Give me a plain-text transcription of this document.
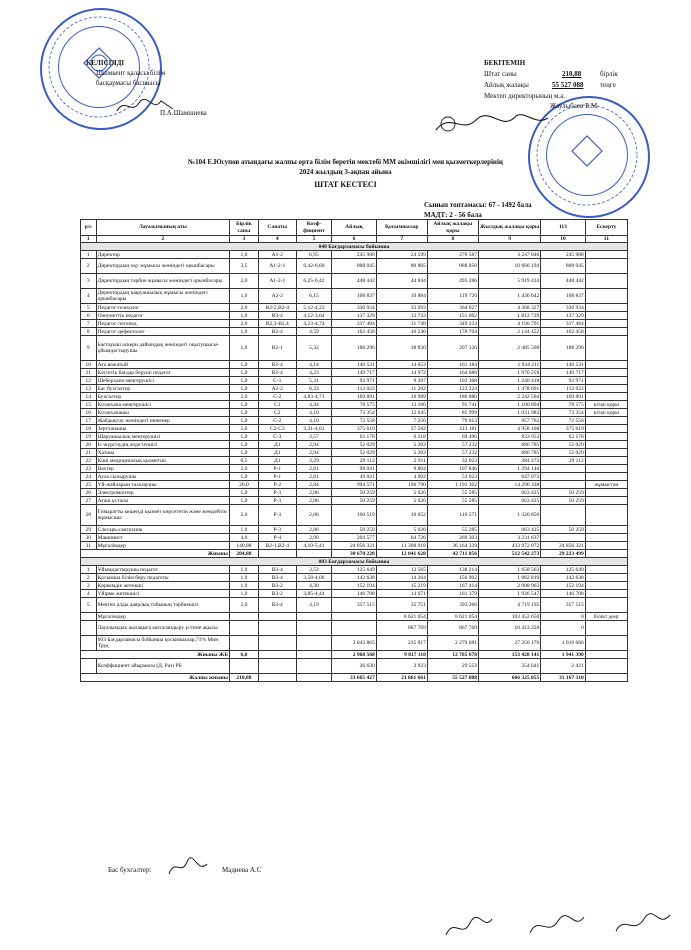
КЕЛІСІЛДІ
Шымкент қаласы білім
басқармасы басшысы
П.А.Шамшиева
БЕКІТЕМІН
Штат саны	210,88	бірлік
Айлық жалақы	55 527 088 теңге
Мектеп директорының м.а.
Жаулыбаев Б.М.
№104 Е.Юсупов атындағы жалпы орта білім беретін мектебі ММ әкімшілігі мен қызметкерлерінің
2024 жылдың 3-ақпан айына
ШТАТ КЕСТЕСІ
Сынып топтамасы: 67 - 1492 бала
МАДТ: 2 - 56 бала
р/с	Лауазымының аты	Бірлік саны	Санаты	Коэф-фициент	Айлық	Қосымшалар	Айлық жалақы қоры	Жылдық жалақы қоры	113	Ескерту
1	2	3	4	5	6	7	8	9	10	11
040 Бағдарламасы бойынша										
1	Директор	1,0	А1-2	6,95	245 988	24 599	270 587	3 247 046	245 988	
2	Директордың оқу жұмысы жөніндегі орынбасары	3,5	А1-2-1	6,42-6,60	808 045	80 805	888 850	10 666 194	808 045	
3	Директордың тәрбие жұмысы жөніндегі орынбасары	2,0	А1-2-1	6,25-6,42	448 442	44 844	493 286	5 919 434	448 442	
4	Директордың шаруашылық жұмысы жөніндегі орынбасары	1,0	А2-2	6,15	108 837	10 884	119 720	1 436 642	108 837	
5	Педагог-психолог	2,0	В2-2,В2-4	5,12-4,23	330 934	33 093	364 027	4 368 327	330 934	
6	Олеуметтік педагог	1,0	В3-4	4,12-3,64	137 329	13 733	151 062	1 812 739	137 329	
7	Педагог-логопед	2,0	В2,3-В2,4	4,23-4,74	317 484	31 748	349 233	4 190 791	317 484	
8	Педагог-дефектолог	1,0	В2-4	4,59	162 458	16 246	178 704	2 144 452	162 458	
9	Бастауыш әскери дайындық жөніндегі оқытушысы-ұйымдастырушы	1,0	В2-1	5,32	188 296	18 830	207 126	2 485 508	188 296	
10	Аға вожатый	1,0	В2-4	4,14	146 531	14 653	161 184	1 934 211	146 531	
11	Кәсіптік бағдар беруші педагог	1,0	В2-4	4,23	149 717	14 972	164 688	1 976 259	149 717	
12	Шеберхана меңгерушісі	1,0	С-1	5,31	93 971	9 397	103 368	1 240 418	93 971	
13	Бас бухгалтер	1,0	А2-2	6,33	112 022	11 202	123 224	1 478 691	112 022	
14	Бухгалтер	2,0	С-2	4,83-4,71	169 891	16 989	186 880	2 242 564	169 891	
15	Кітапхана меңгерушісі	1,0	С1	4,44	78 575	13 166	91 741	1 100 894	78 575	кітап қоры
16	Кітапханашы	1,0	С2	4,10	73 354	12 645	85 999	1 031 983	73 354	кітап қоры
17	Жабдықтау жөніндегі инженер	1,0	С-2	4,10	72 558	7 256	79 813	957 762	72 558	
18	Зертханашы	5,0	С2-С3	3,31-4,61	375 619	37 562	413 181	4 958 168	375 619	
19	Шаруашылық меңгерушісі	1,0	С-3	3,57	63 178	6 318	69 496	833 953	63 178	
20	Іс-жүргізудің жүргізушісі	1,0	Д1	2,94	52 029	5 203	57 232	686 785	52 029	
21	Хатшы	1,0	Д1	2,94	52 029	5 203	57 232	686 785	52 029	
22	Кіші медициналық қызметші	0,5	Д1	3,29	29 112	2 911	32 023	384 273	29 112	
23	Вахтер	2,0	Р-1	2,81	98 041	9 804	107 846	1 294 146		
24	Аула сыпырушы	1,0	Р-1	2,81	49 021	4 902	53 923	647 073		
25	Үй-жайларын тазалаушы	20,0	Р-2	2,84	994 571	196 790	1 191 362	14 296 338		жұмыстан
26	Электромонтер	1,0	Р-3	2,86	50 259	5 026	55 285	663 425	50 259	
27	Ағаш ұстасы	1,0	Р-3	2,86	50 259	5 026	55 285	663 425	50 259	
28	Ғимаратты кешенді қызмет көрсететін және жөндейтін жұмысшы	2,0	Р-3	2,86	100 519	10 052	110 571	1 326 850		
29	Слесарь-сантехник	1,0	Р-3	2,86	50 259	5 026	55 285	663 425	50 259	
30	Машинист	4,0	Р-4	2,90	204 577	64 726	269 303	3 231 637		
31	Мұғалімдер	140,88	В2-1,В2-4	4,10-5,41	24 856 321	11 308 018	36 164 339	433 972 072	24 856 321	
Жиыны		204,88			30 670 228	12 041 628	42 711 856	512 542 273	29 223 499	
003 Бағдарламасы бойынша										
1	Ұйымдастырушы педагог	1,0	В3-4	3,52	125 649	12 565	138 214	1 658 563	125 649	
2	Қосымша білім беру педагогы	1,0	В3-4	3,58-4,06	142 638	14 264	156 902	1 882 819	142 638	
3	Көркемдік жетекші	1,0	В3-2	4,30	152 194	15 219	167 414	2 008 963	152 194	
4	Үйірме жетекшісі	1,0	В3-2	3,85-4,44	146 708	14 671	161 379	1 936 547	146 708	
5	Мектеп алды даярлық тобының тәрбиешісі	2,0	В3-4	4,19	357 515	35 751	393 266	4 719 195	357 515	
	Мұғалімдер					8 621 054	8 621 054	103 452 650	0	бiлiкт деңг
	Лауазымдық жалақыға ынталандыру үстеме ақысы					867 769	867 769	10 413 228	0	
	003 Бағдарламасы бойынша қосымшалар,71% Мин Труд				2 043 865	235 817	2 279 681	27 356 176	1 016 686	
Жиыны ЖБ		6,0			2 968 568	9 817 110	12 785 678	153 428 141	1 941 390	
	Коэффициент айырмасы (Д, Раз) РБ				26 630	2 923	29 553	354 641	2 421	
Жалпы жиыны		210,88			33 665 427	21 861 661	55 527 088	666 325 055	31 167 310	
Бас бухгалтер:	Мадиева А.С
